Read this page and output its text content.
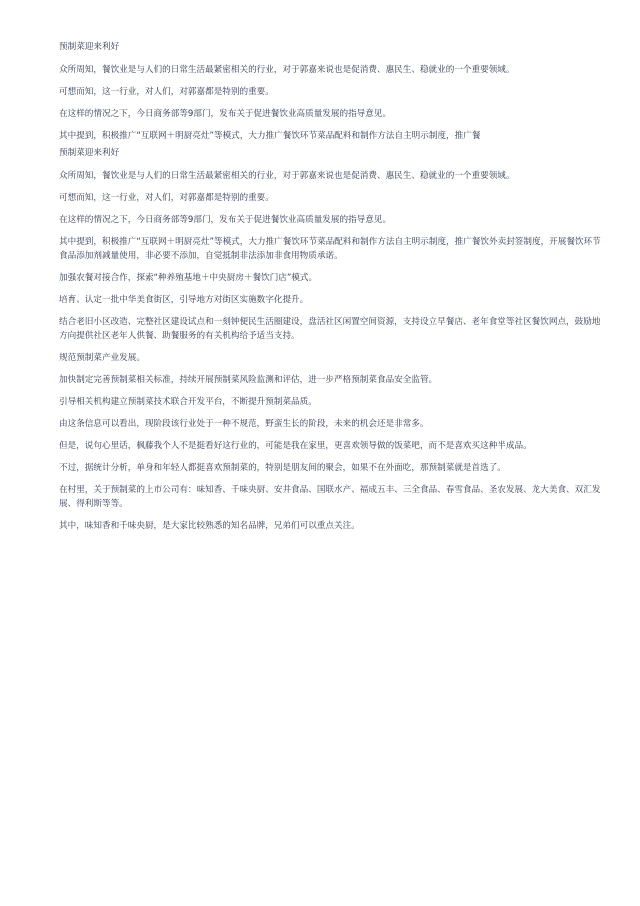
预制菜迎来利好

众所周知，餐饮业是与人们的日常生活最紧密相关的行业，对于郭嘉来说也是促消费、惠民生、稳就业的一个重要领域。

可想而知，这一行业，对人们，对郭嘉都是特别的重要。

在这样的情况之下，今日商务部等9部门，发布关于促进餐饮业高质量发展的指导意见。

其中提到，积极推广“互联网＋明厨亮灶”等模式，大力推广餐饮环节菜品配料和制作方法自主明示制度，推广餐

预制菜迎来利好

众所周知，餐饮业是与人们的日常生活最紧密相关的行业，对于郭嘉来说也是促消费、惠民生、稳就业的一个重要领域。

可想而知，这一行业，对人们，对郭嘉都是特别的重要。

在这样的情况之下，今日商务部等9部门，发布关于促进餐饮业高质量发展的指导意见。

其中提到，积极推广“互联网＋明厨亮灶”等模式，大力推广餐饮环节菜品配料和制作方法自主明示制度，推广餐饮外卖封签制度，开展餐饮环节食品添加剂减量使用，非必要不添加，自觉抵制非法添加非食用物质承诺。

加强农餐对接合作，探索“种养殖基地＋中央厨房＋餐饮门店”模式。

培育、认定一批中华美食街区，引导地方对街区实施数字化提升。

结合老旧小区改造、完整社区建设试点和一刻钟便民生活圈建设，盘活社区闲置空间资源，支持设立早餐店、老年食堂等社区餐饮网点，鼓励地方向提供社区老年人供餐、助餐服务的有关机构给予适当支持。

规范预制菜产业发展。

加快制定完善预制菜相关标准，持续开展预制菜风险监测和评估，进一步严格预制菜食品安全监管。

引导相关机构建立预制菜技术联合开发平台，不断提升预制菜品质。

由这条信息可以看出，现阶段该行业处于一种不规范，野蛮生长的阶段，未来的机会还是非常多。

但是，说句心里话，枫藤我个人不是挺看好这行业的，可能是我在家里，更喜欢领导做的饭菜吧，而不是喜欢买这种半成品。

不过，据统计分析，单身和年轻人都挺喜欢预制菜的，特别是朋友间的聚会，如果不在外面吃，那预制菜就是首选了。

在村里，关于预制菜的上市公司有：味知香、千味央厨、安井食品、国联水产、福成五丰、三全食品、春雪食品、圣农发展、龙大美食、双汇发展、得利斯等等。

其中，味知香和千味央厨，是大家比较熟悉的知名品牌，兄弟们可以重点关注。
